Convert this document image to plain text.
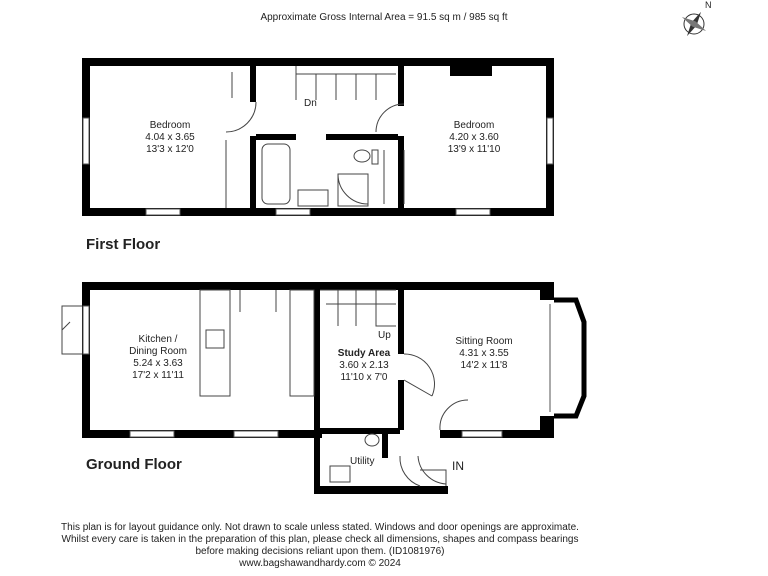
Approximate Gross Internal Area = 91.5 sq m / 985 sq ft
N
First Floor
Bedroom
4.04 x 3.65
13'3 x 12'0
Bedroom
4.20 x 3.60
13'9 x 11'10
Dn
Ground Floor
Kitchen /
Dining Room
5.24 x 3.63
17'2 x 11'11
Study Area
3.60 x 2.13
11'10 x 7'0
Sitting Room
4.31 x 3.55
14'2 x 11'8
Utility
Up
IN
This plan is for layout guidance only. Not drawn to scale unless stated. Windows and door openings are approximate.
Whilst every care is taken in the preparation of this plan, please check all dimensions, shapes and compass bearings
before making decisions reliant upon them. (ID1081976)
www.bagshawandhardy.com © 2024
